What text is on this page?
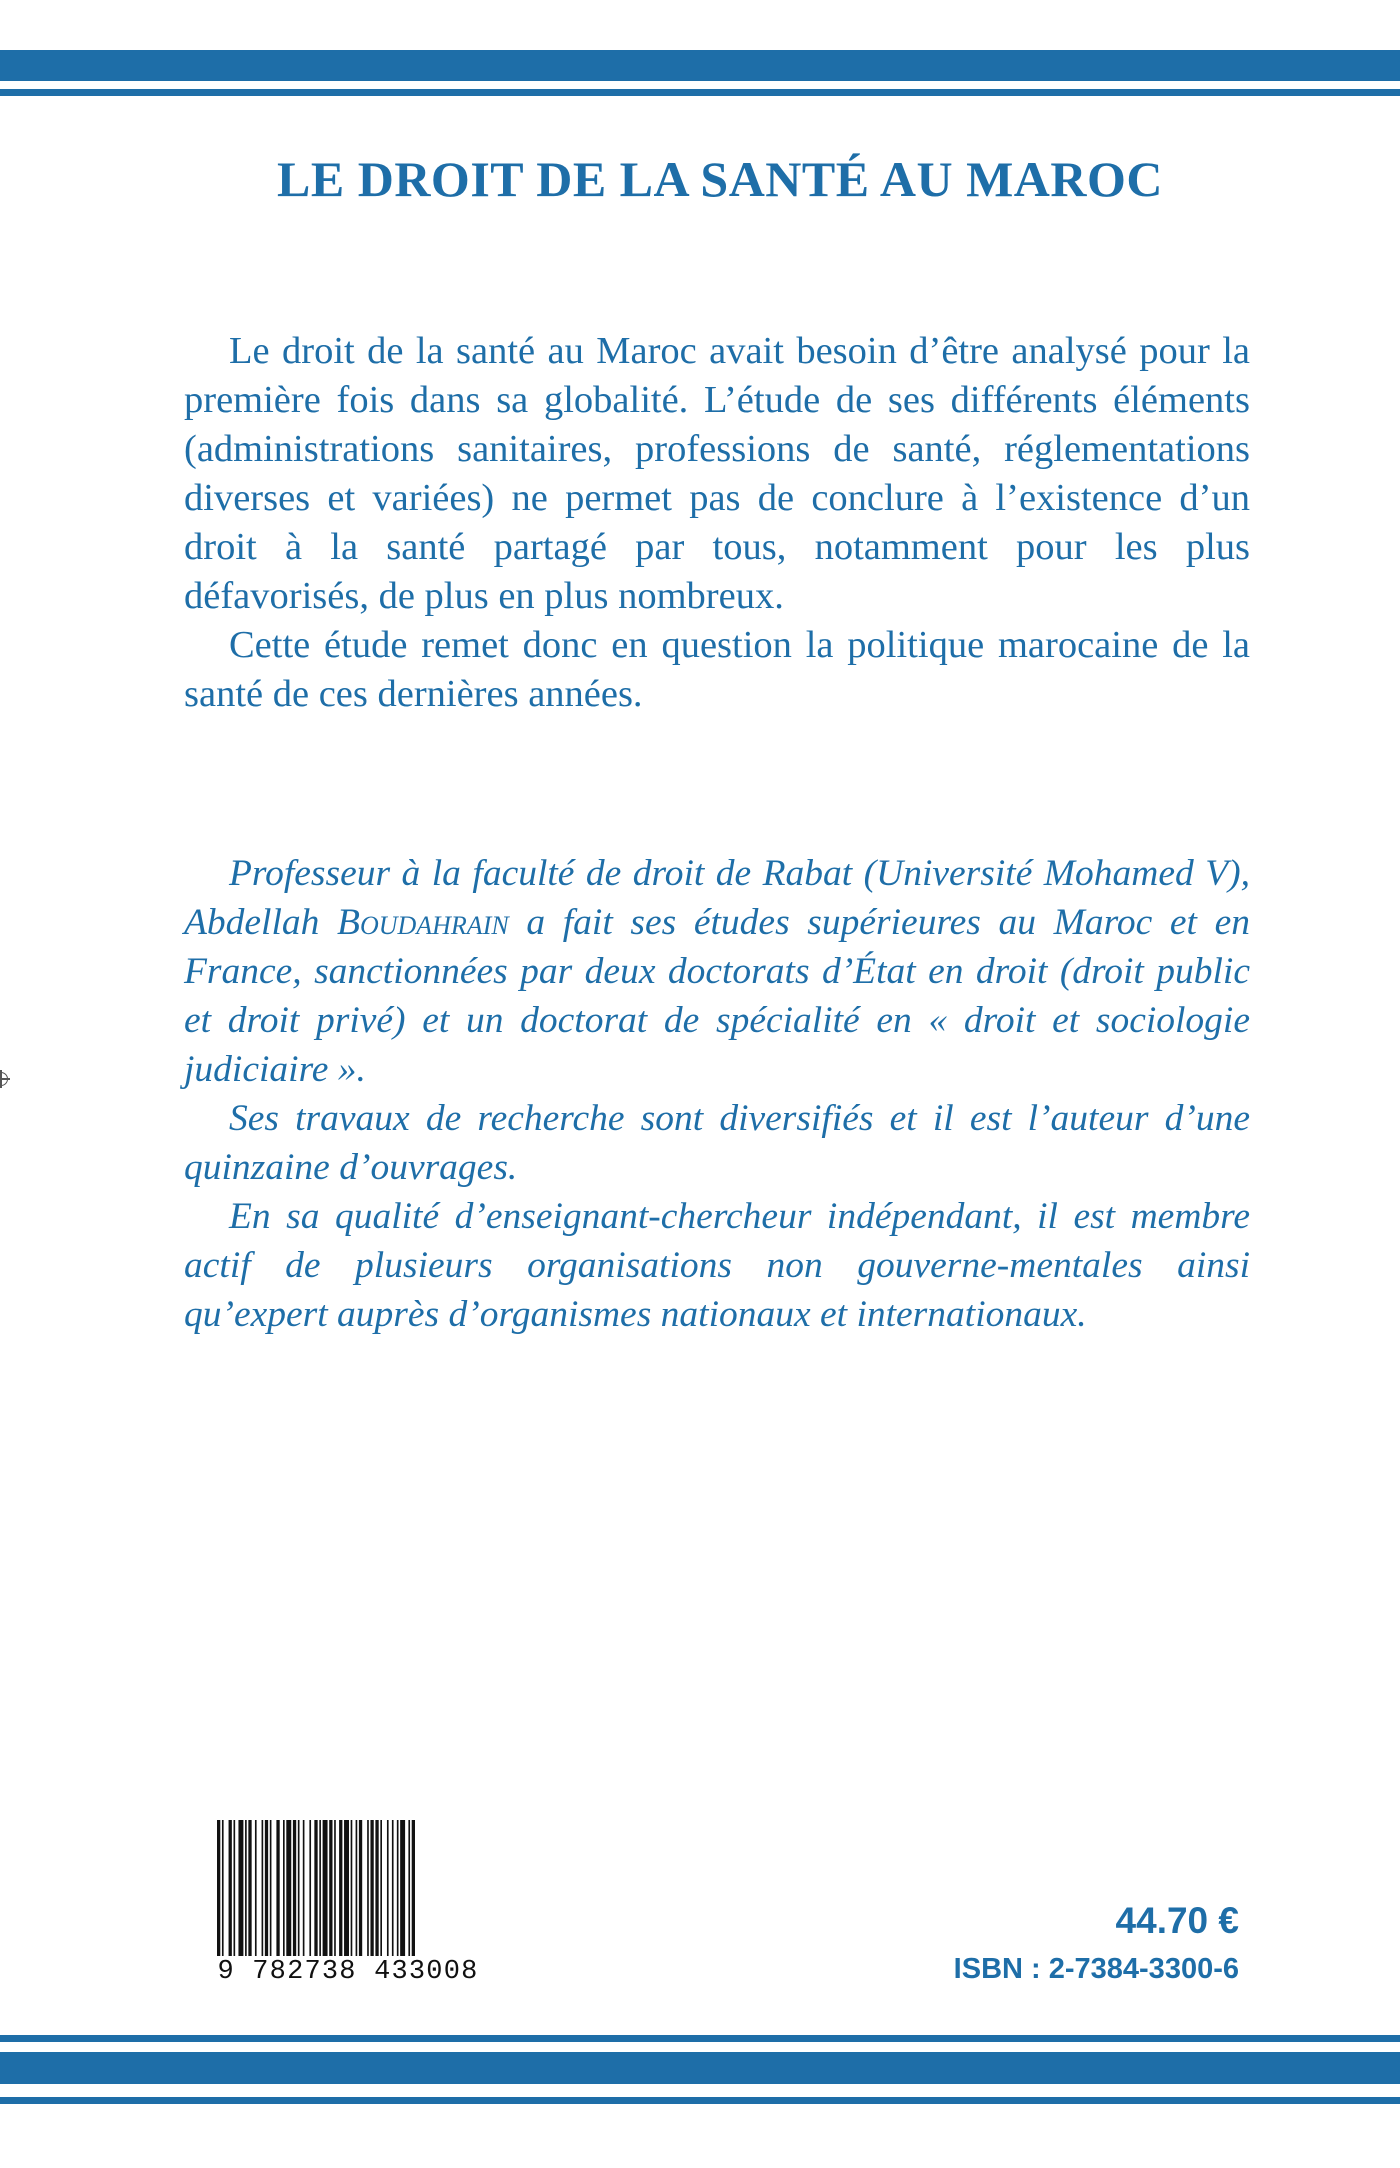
LE DROIT DE LA SANTÉ AU MAROC

Le droit de la santé au Maroc avait besoin d’être analysé pour la première fois dans sa globalité. L’étude de ses différents éléments (administrations sanitaires, professions de santé, réglementations diverses et variées) ne permet pas de conclure à l’existence d’un droit à la santé partagé par tous, notamment pour les plus défavorisés, de plus en plus nombreux.

Cette étude remet donc en question la politique marocaine de la santé de ces dernières années.

Professeur à la faculté de droit de Rabat (Université Mohamed V), Abdellah Boudahrain a fait ses études supérieures au Maroc et en France, sanctionnées par deux doctorats d’État en droit (droit public et droit privé) et un doctorat de spécialité en « droit et sociologie judiciaire ».

Ses travaux de recherche sont diversifiés et il est l’auteur d’une quinzaine d’ouvrages.

En sa qualité d’enseignant-chercheur indépendant, il est membre actif de plusieurs organisations non gouverne-mentales ainsi qu’expert auprès d’organismes nationaux et internationaux.

9 782738 433008
44.70 €
ISBN : 2-7384-3300-6
